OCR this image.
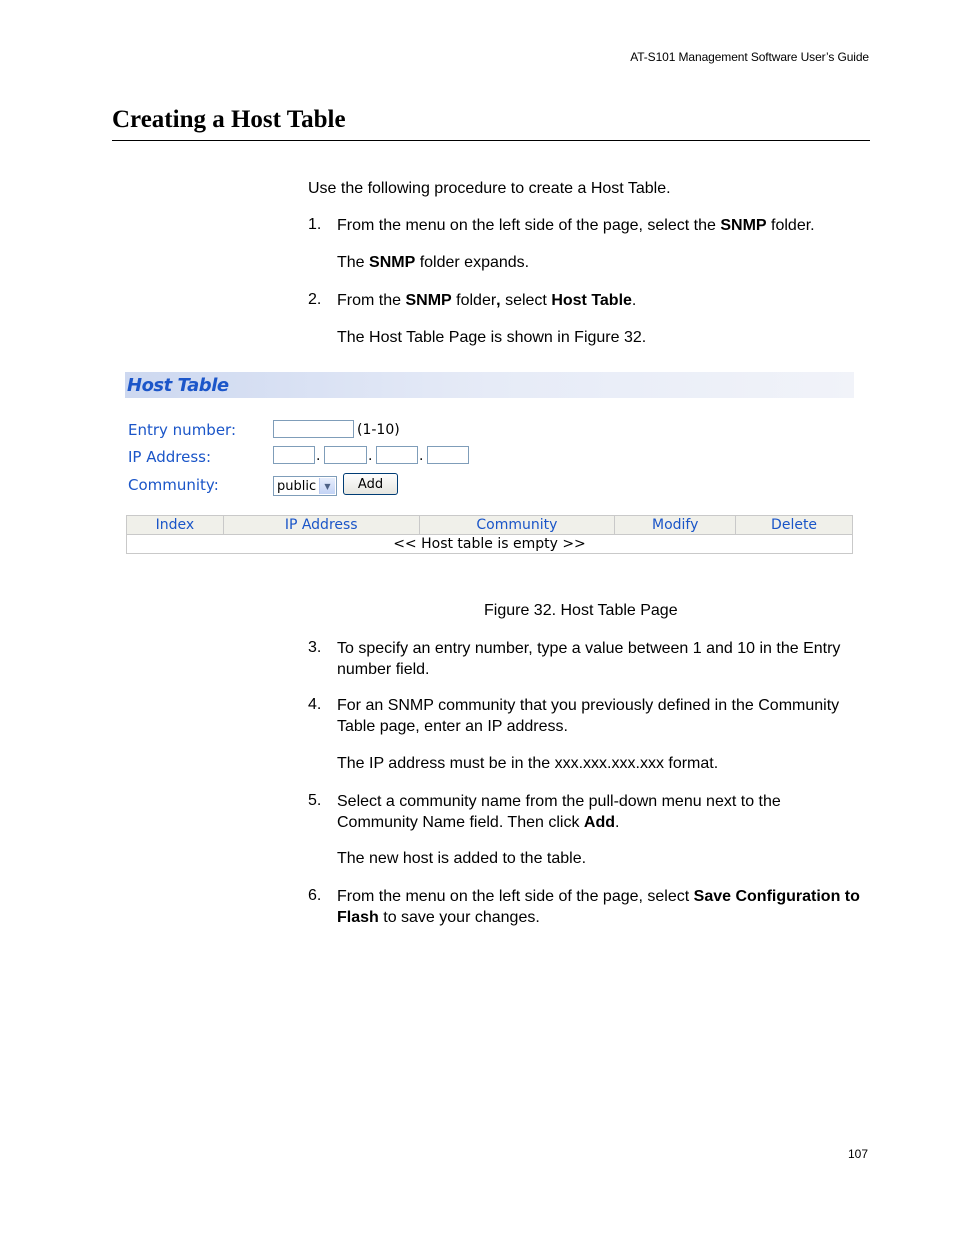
AT-S101 Management Software User’s Guide
Creating a Host Table
Use the following procedure to create a Host Table.
1. From the menu on the left side of the page, select the SNMP folder.
The SNMP folder expands.
2. From the SNMP folder, select Host Table.
The Host Table Page is shown in Figure 32.
Host Table
Entry number:	(1-10)
IP Address:	.	.	.
Community:	public	▼	Add
Index	IP Address	Community	Modify	Delete
<< Host table is empty >>
Figure 32. Host Table Page
3. To specify an entry number, type a value between 1 and 10 in the Entry number field.
4. For an SNMP community that you previously defined in the Community Table page, enter an IP address.
The IP address must be in the xxx.xxx.xxx.xxx format.
5. Select a community name from the pull-down menu next to the Community Name field. Then click Add.
The new host is added to the table.
6. From the menu on the left side of the page, select Save Configuration to Flash to save your changes.
107
